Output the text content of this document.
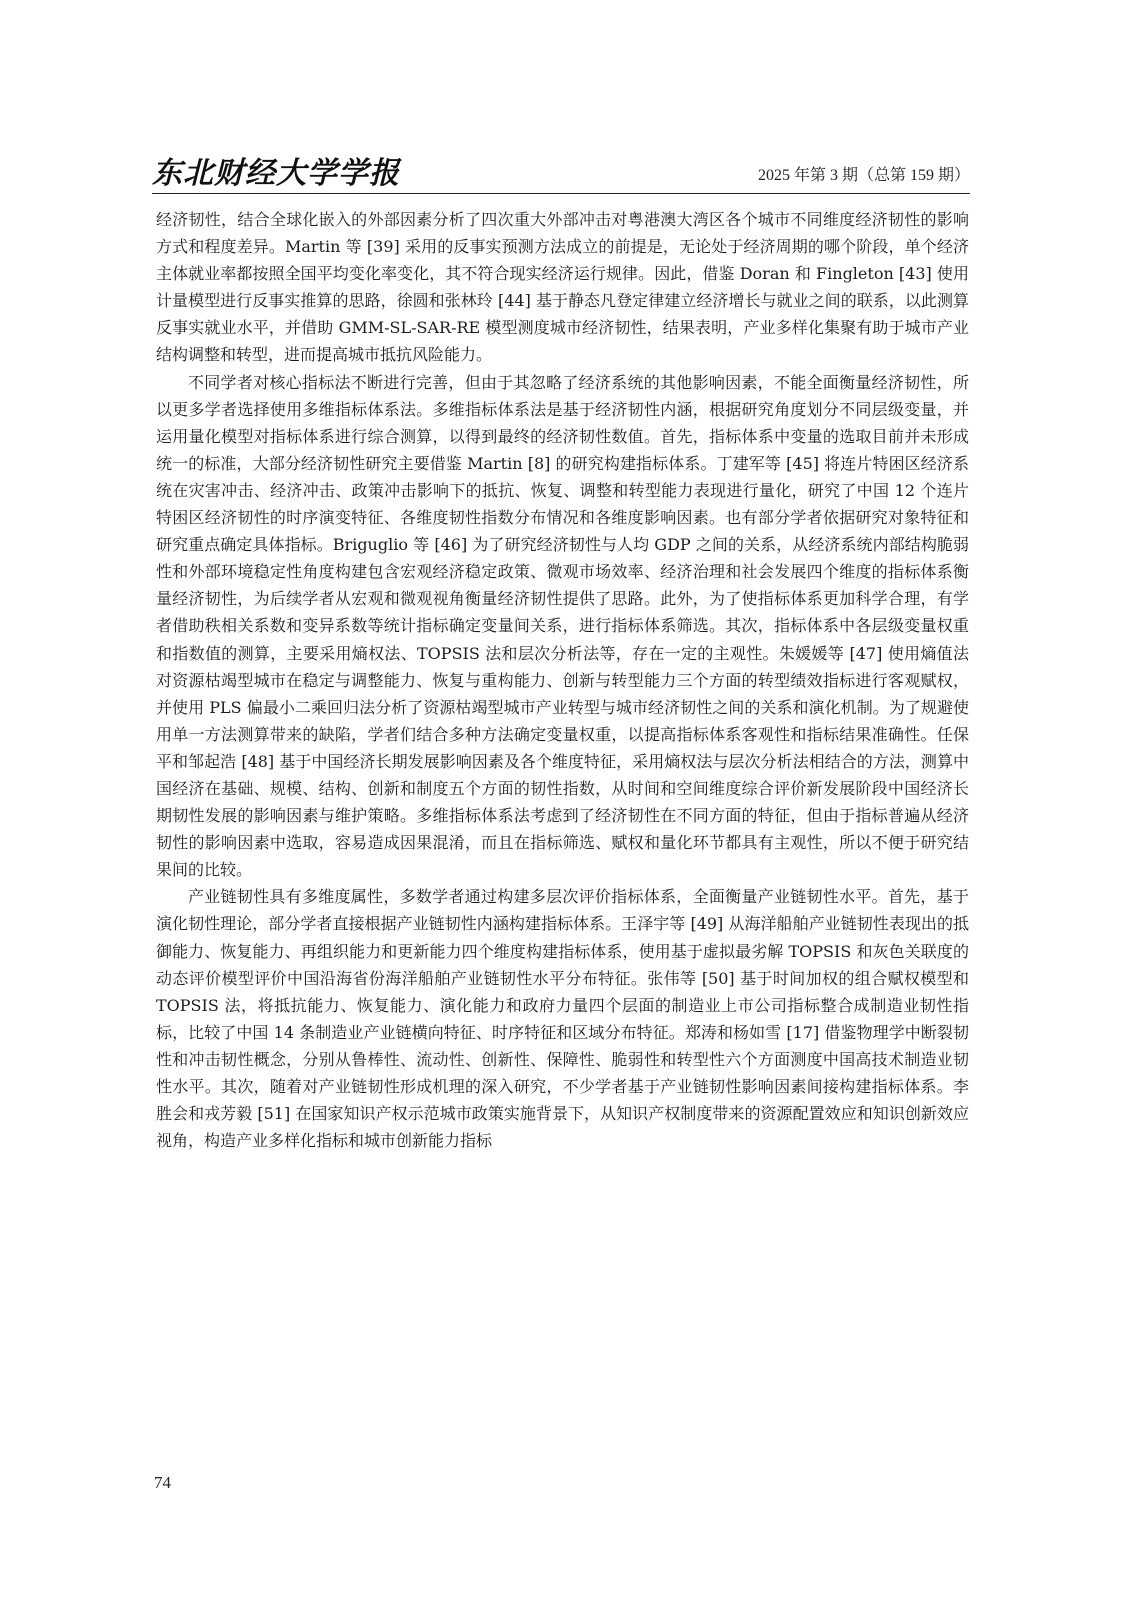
东北财经大学学报	2025 年第 3 期（总第 159 期）

经济韧性，结合全球化嵌入的外部因素分析了四次重大外部冲击对粤港澳大湾区各个城市不同维度经济韧性的影响方式和程度差异。Martin 等 [39] 采用的反事实预测方法成立的前提是，无论处于经济周期的哪个阶段，单个经济主体就业率都按照全国平均变化率变化，其不符合现实经济运行规律。因此，借鉴 Doran 和 Fingleton [43] 使用计量模型进行反事实推算的思路，徐圆和张林玲 [44] 基于静态凡登定律建立经济增长与就业之间的联系，以此测算反事实就业水平，并借助 GMM-SL-SAR-RE 模型测度城市经济韧性，结果表明，产业多样化集聚有助于城市产业结构调整和转型，进而提高城市抵抗风险能力。

不同学者对核心指标法不断进行完善，但由于其忽略了经济系统的其他影响因素，不能全面衡量经济韧性，所以更多学者选择使用多维指标体系法。多维指标体系法是基于经济韧性内涵，根据研究角度划分不同层级变量，并运用量化模型对指标体系进行综合测算，以得到最终的经济韧性数值。首先，指标体系中变量的选取目前并未形成统一的标准，大部分经济韧性研究主要借鉴 Martin [8] 的研究构建指标体系。丁建军等 [45] 将连片特困区经济系统在灾害冲击、经济冲击、政策冲击影响下的抵抗、恢复、调整和转型能力表现进行量化，研究了中国 12 个连片特困区经济韧性的时序演变特征、各维度韧性指数分布情况和各维度影响因素。也有部分学者依据研究对象特征和研究重点确定具体指标。Briguglio 等 [46] 为了研究经济韧性与人均 GDP 之间的关系，从经济系统内部结构脆弱性和外部环境稳定性角度构建包含宏观经济稳定政策、微观市场效率、经济治理和社会发展四个维度的指标体系衡量经济韧性，为后续学者从宏观和微观视角衡量经济韧性提供了思路。此外，为了使指标体系更加科学合理，有学者借助秩相关系数和变异系数等统计指标确定变量间关系，进行指标体系筛选。其次，指标体系中各层级变量权重和指数值的测算，主要采用熵权法、TOPSIS 法和层次分析法等，存在一定的主观性。朱媛媛等 [47] 使用熵值法对资源枯竭型城市在稳定与调整能力、恢复与重构能力、创新与转型能力三个方面的转型绩效指标进行客观赋权，并使用 PLS 偏最小二乘回归法分析了资源枯竭型城市产业转型与城市经济韧性之间的关系和演化机制。为了规避使用单一方法测算带来的缺陷，学者们结合多种方法确定变量权重，以提高指标体系客观性和指标结果准确性。任保平和邹起浩 [48] 基于中国经济长期发展影响因素及各个维度特征，采用熵权法与层次分析法相结合的方法，测算中国经济在基础、规模、结构、创新和制度五个方面的韧性指数，从时间和空间维度综合评价新发展阶段中国经济长期韧性发展的影响因素与维护策略。多维指标体系法考虑到了经济韧性在不同方面的特征，但由于指标普遍从经济韧性的影响因素中选取，容易造成因果混淆，而且在指标筛选、赋权和量化环节都具有主观性，所以不便于研究结果间的比较。

产业链韧性具有多维度属性，多数学者通过构建多层次评价指标体系，全面衡量产业链韧性水平。首先，基于演化韧性理论，部分学者直接根据产业链韧性内涵构建指标体系。王泽宇等 [49] 从海洋船舶产业链韧性表现出的抵御能力、恢复能力、再组织能力和更新能力四个维度构建指标体系，使用基于虚拟最劣解 TOPSIS 和灰色关联度的动态评价模型评价中国沿海省份海洋船舶产业链韧性水平分布特征。张伟等 [50] 基于时间加权的组合赋权模型和 TOPSIS 法，将抵抗能力、恢复能力、演化能力和政府力量四个层面的制造业上市公司指标整合成制造业韧性指标，比较了中国 14 条制造业产业链横向特征、时序特征和区域分布特征。郑涛和杨如雪 [17] 借鉴物理学中断裂韧性和冲击韧性概念，分别从鲁棒性、流动性、创新性、保障性、脆弱性和转型性六个方面测度中国高技术制造业韧性水平。其次，随着对产业链韧性形成机理的深入研究，不少学者基于产业链韧性影响因素间接构建指标体系。李胜会和戎芳毅 [51] 在国家知识产权示范城市政策实施背景下，从知识产权制度带来的资源配置效应和知识创新效应视角，构造产业多样化指标和城市创新能力指标

74
